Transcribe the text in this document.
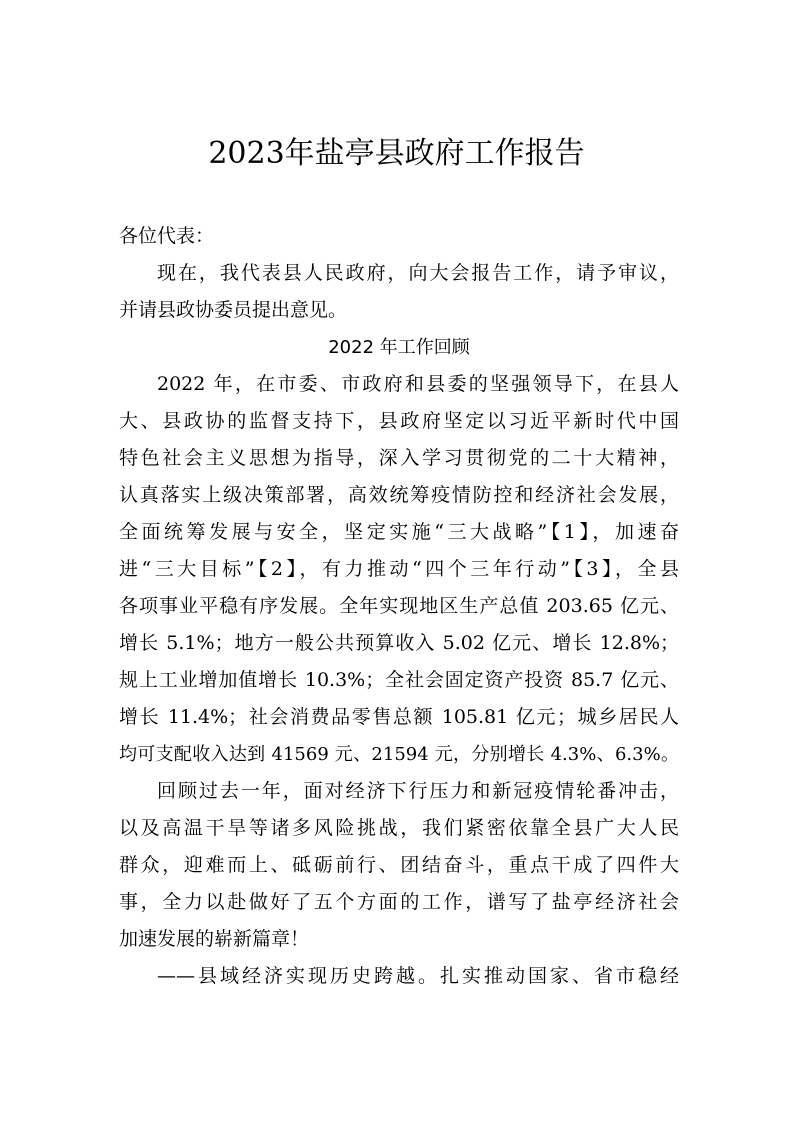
2023年盐亭县政府工作报告
各位代表：
现在，我代表县人民政府，向大会报告工作，请予审议，
并请县政协委员提出意见。
2022 年工作回顾
2022 年，在市委、市政府和县委的坚强领导下，在县人
大、县政协的监督支持下，县政府坚定以习近平新时代中国
特色社会主义思想为指导，深入学习贯彻党的二十大精神，
认真落实上级决策部署，高效统筹疫情防控和经济社会发展，
全面统筹发展与安全，坚定实施“三大战略”【1】，加速奋
进“三大目标”【2】，有力推动“四个三年行动”【3】，全县
各项事业平稳有序发展。全年实现地区生产总值 203.65 亿元、
增长 5.1%；地方一般公共预算收入 5.02 亿元、增长 12.8%；
规上工业增加值增长 10.3%；全社会固定资产投资 85.7 亿元、
增长 11.4%；社会消费品零售总额 105.81 亿元；城乡居民人
均可支配收入达到 41569 元、21594 元，分别增长 4.3%、6.3%。
回顾过去一年，面对经济下行压力和新冠疫情轮番冲击，
以及高温干旱等诸多风险挑战，我们紧密依靠全县广大人民
群众，迎难而上、砥砺前行、团结奋斗，重点干成了四件大
事，全力以赴做好了五个方面的工作，谱写了盐亭经济社会
加速发展的崭新篇章！
——县域经济实现历史跨越。扎实推动国家、省市稳经
